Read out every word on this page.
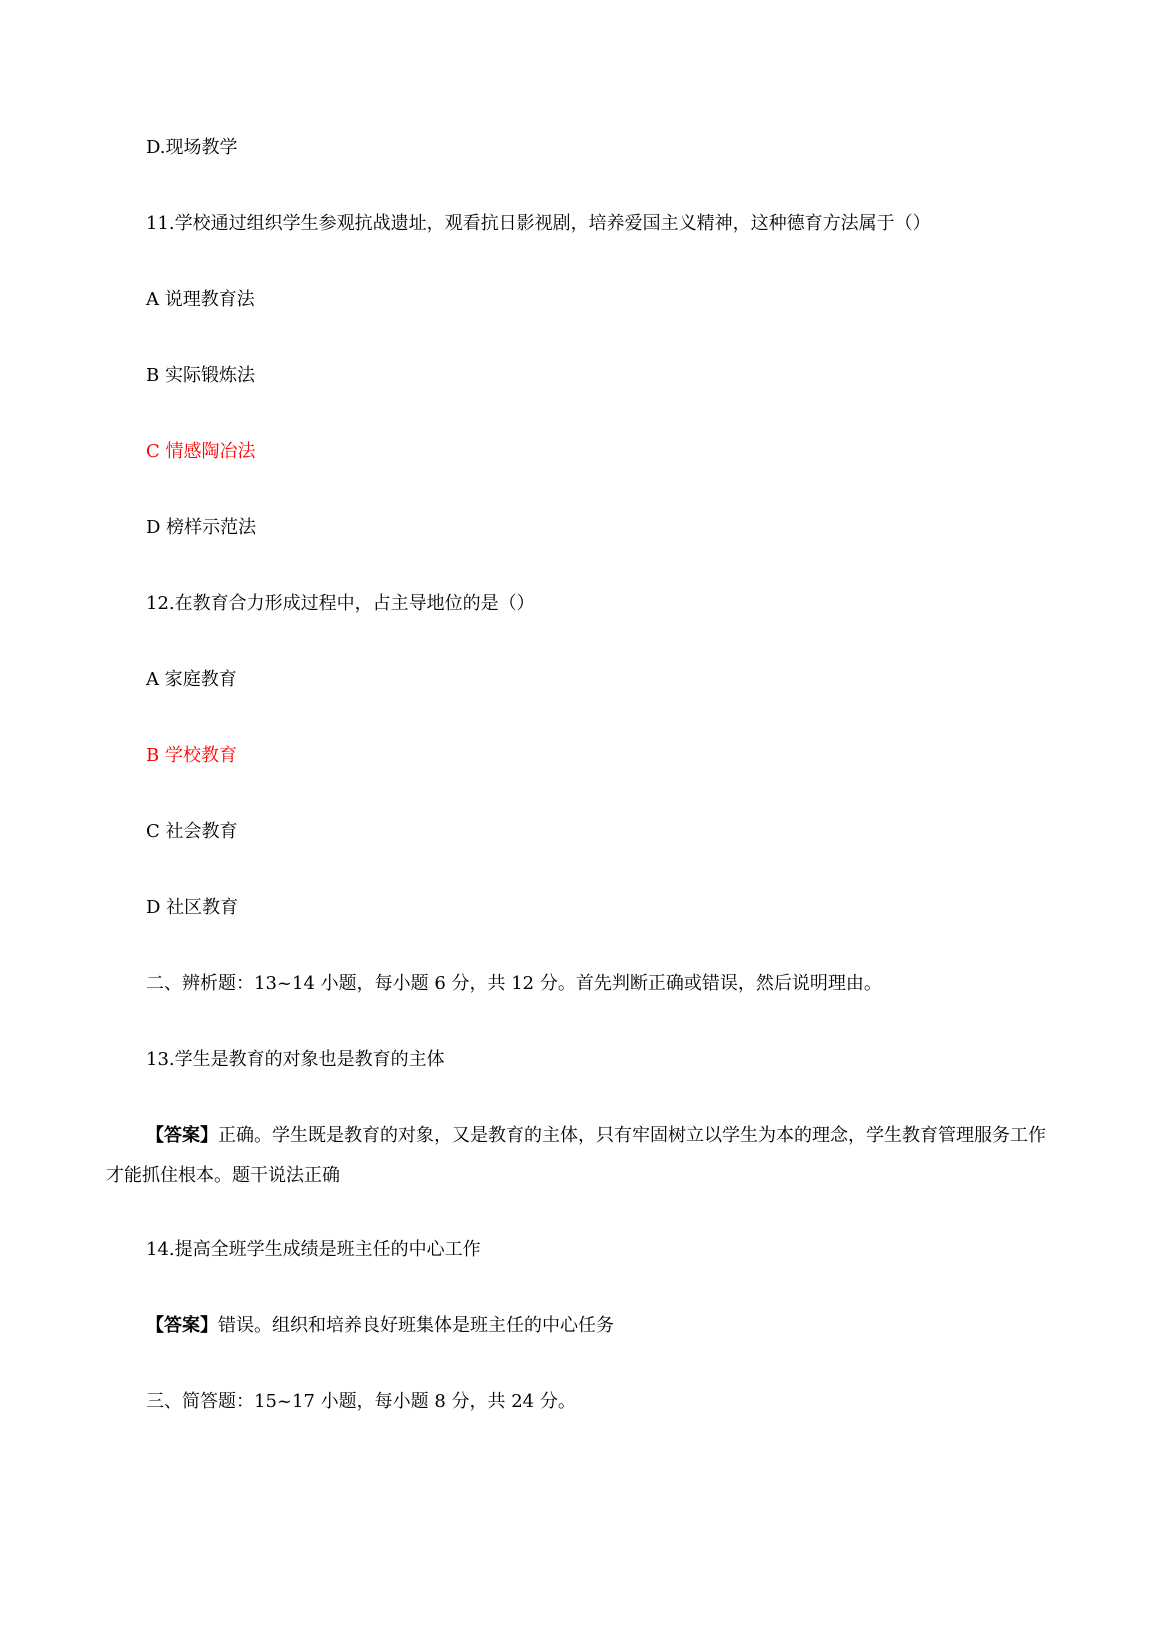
D.现场教学
11.学校通过组织学生参观抗战遗址，观看抗日影视剧，培养爱国主义精神，这种德育方法属于（）
A 说理教育法
B 实际锻炼法
C 情感陶冶法
D 榜样示范法
12.在教育合力形成过程中，占主导地位的是（）
A 家庭教育
B 学校教育
C 社会教育
D 社区教育
二、辨析题：13~14 小题，每小题 6 分，共 12 分。首先判断正确或错误，然后说明理由。
13.学生是教育的对象也是教育的主体
【答案】正确。学生既是教育的对象，又是教育的主体，只有牢固树立以学生为本的理念，学生教育管理服务工作才能抓住根本。题干说法正确
14.提高全班学生成绩是班主任的中心工作
【答案】错误。组织和培养良好班集体是班主任的中心任务
三、简答题：15~17 小题，每小题 8 分，共 24 分。
